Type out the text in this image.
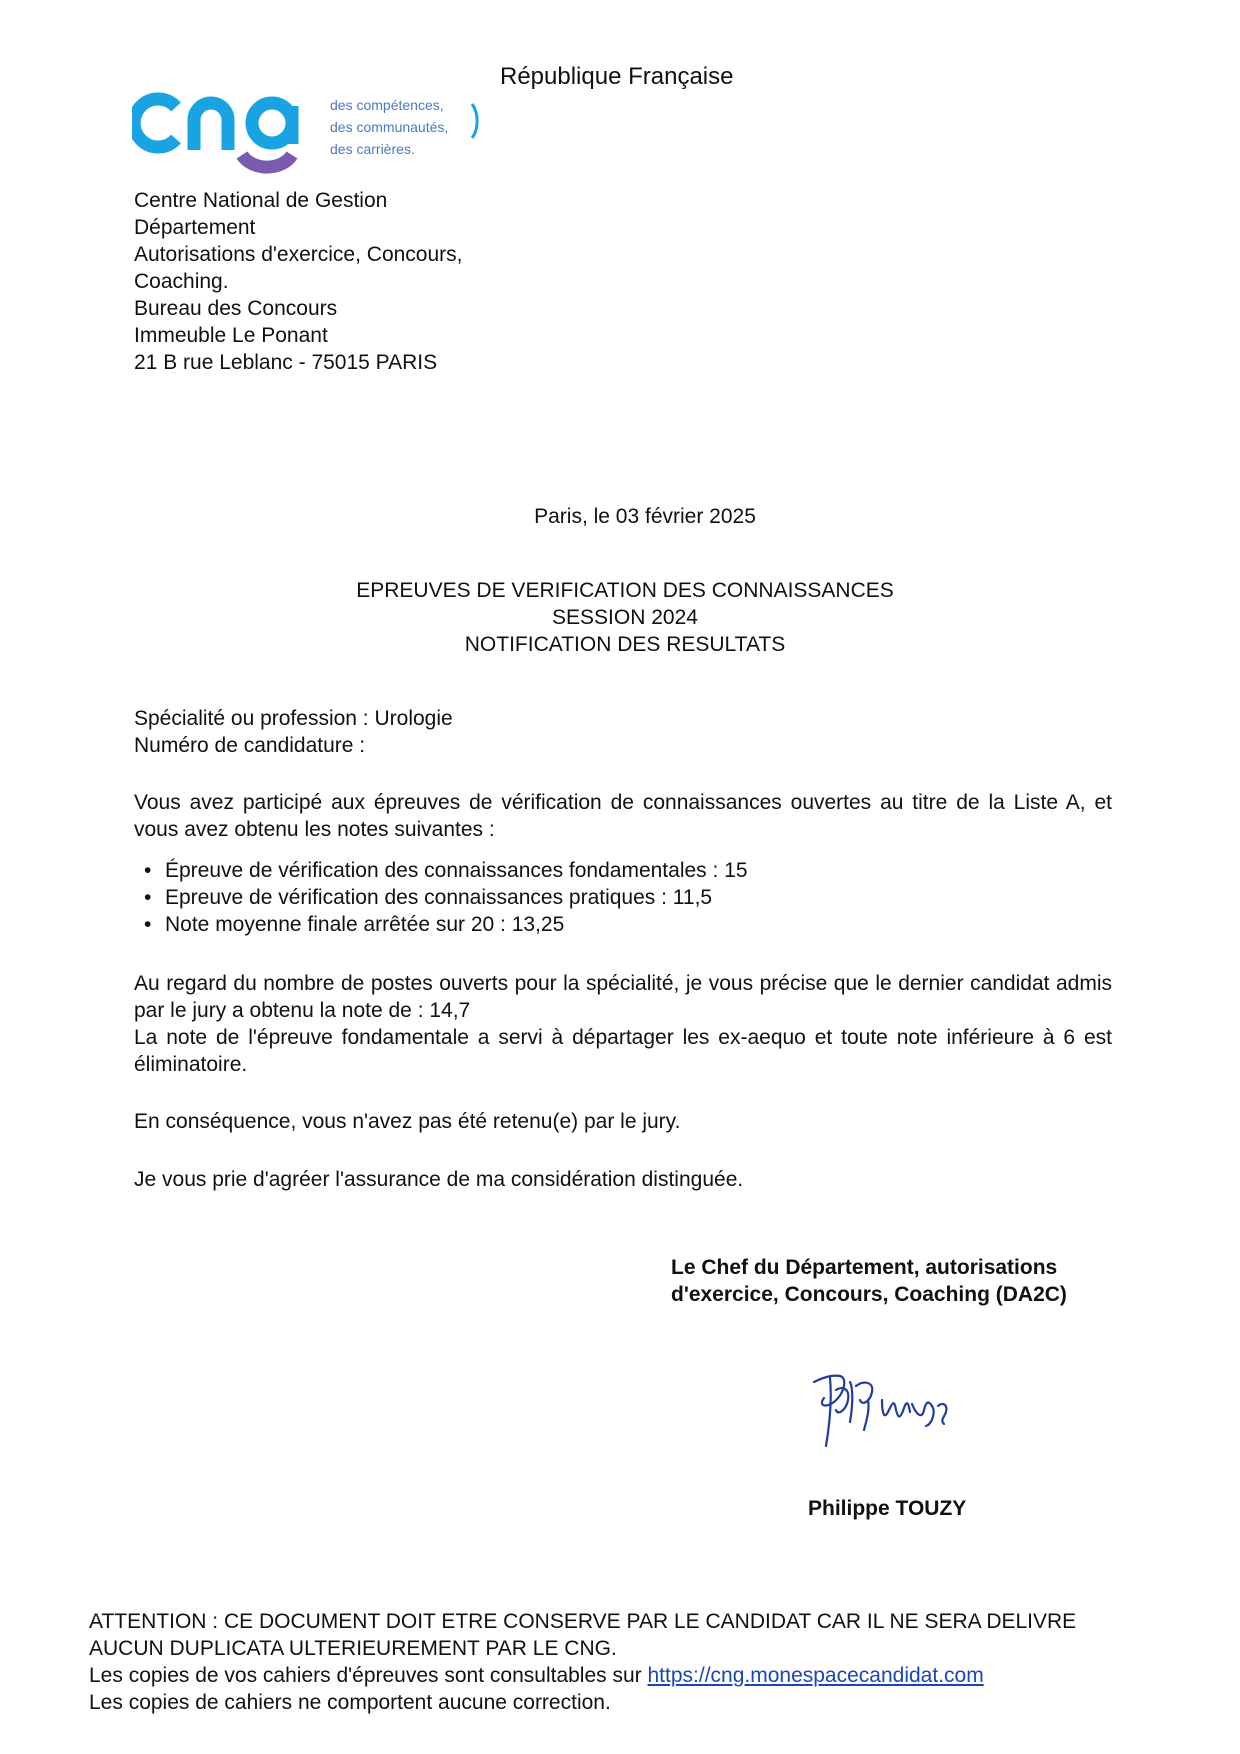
République Française
des compétences,
des communautés,
des carrières.
Centre National de Gestion
Département
Autorisations d'exercice, Concours,
Coaching.
Bureau des Concours
Immeuble Le Ponant
21 B rue Leblanc - 75015 PARIS
Paris, le 03 février 2025
EPREUVES DE VERIFICATION DES CONNAISSANCES
SESSION 2024
NOTIFICATION DES RESULTATS
Spécialité ou profession : Urologie
Numéro de candidature :
Vous avez participé aux épreuves de vérification de connaissances ouvertes au titre de la Liste A, et vous avez obtenu les notes suivantes :
• Épreuve de vérification des connaissances fondamentales : 15
• Epreuve de vérification des connaissances pratiques : 11,5
• Note moyenne finale arrêtée sur 20 : 13,25
Au regard du nombre de postes ouverts pour la spécialité, je vous précise que le dernier candidat admis par le jury a obtenu la note de : 14,7
La note de l'épreuve fondamentale a servi à départager les ex-aequo et toute note inférieure à 6 est éliminatoire.
En conséquence, vous n'avez pas été retenu(e) par le jury.
Je vous prie d'agréer l'assurance de ma considération distinguée.
Le Chef du Département, autorisations
d'exercice, Concours, Coaching (DA2C)
Philippe TOUZY
ATTENTION : CE DOCUMENT DOIT ETRE CONSERVE PAR LE CANDIDAT CAR IL NE SERA DELIVRE
AUCUN DUPLICATA ULTERIEUREMENT PAR LE CNG.
Les copies de vos cahiers d'épreuves sont consultables sur https://cng.monespacecandidat.com
Les copies de cahiers ne comportent aucune correction.
